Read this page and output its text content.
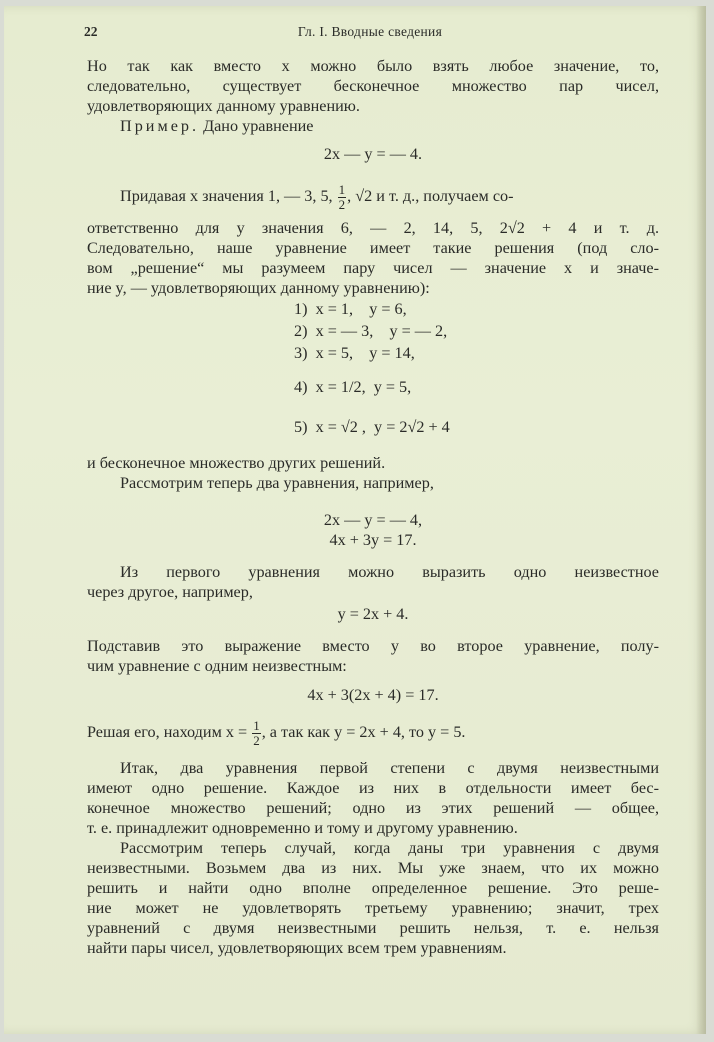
22	Гл. I. Вводные сведения
Но так как вместо x можно было взять любое значение, то,
следовательно, существует бесконечное множество пар чисел,
удовлетворяющих данному уравнению.
Пример. Дано уравнение
2x — y = — 4.
Придавая x значения 1, — 3, 5, $\frac{1}{2}$ , √2 и т. д., получаем со-
ответственно для y значения 6, — 2, 14, 5, 2√2 + 4 и т. д.
Следовательно, наше уравнение имеет такие решения (под сло-
вом „решение“ мы разумеем пару чисел — значение x и значе-
ние y, — удовлетворяющих данному уравнению):
1)  x = 1,    y = 6,
2)  x = — 3,    y = — 2,
3)  x = 5,    y = 14,
4)  x = 1/2,  y = 5,
5)  x = √2 ,  y = 2√2 + 4
и бесконечное множество других решений.
Рассмотрим теперь два уравнения, например,
2x — y = — 4,
4x + 3y = 17.
Из первого уравнения можно выразить одно неизвестное
через другое, например,
y = 2x + 4.
Подставив это выражение вместо y во второе уравнение, полу-
чим уравнение с одним неизвестным:
4x + 3(2x + 4) = 17.
Решая его, находим $x = \frac{1}{2}$ , а так как y = 2x + 4, то y = 5.
Итак, два уравнения первой степени с двумя неизвестными
имеют одно решение. Каждое из них в отдельности имеет бес-
конечное множество решений; одно из этих решений — общее,
т. е. принадлежит одновременно и тому и другому уравнению.
Рассмотрим теперь случай, когда даны три уравнения с двумя
неизвестными. Возьмем два из них. Мы уже знаем, что их можно
решить и найти одно вполне определенное решение. Это реше-
ние может не удовлетворять третьему уравнению; значит, трех
уравнений с двумя неизвестными решить нельзя, т. е. нельзя
найти пары чисел, удовлетворяющих всем трем уравнениям.
